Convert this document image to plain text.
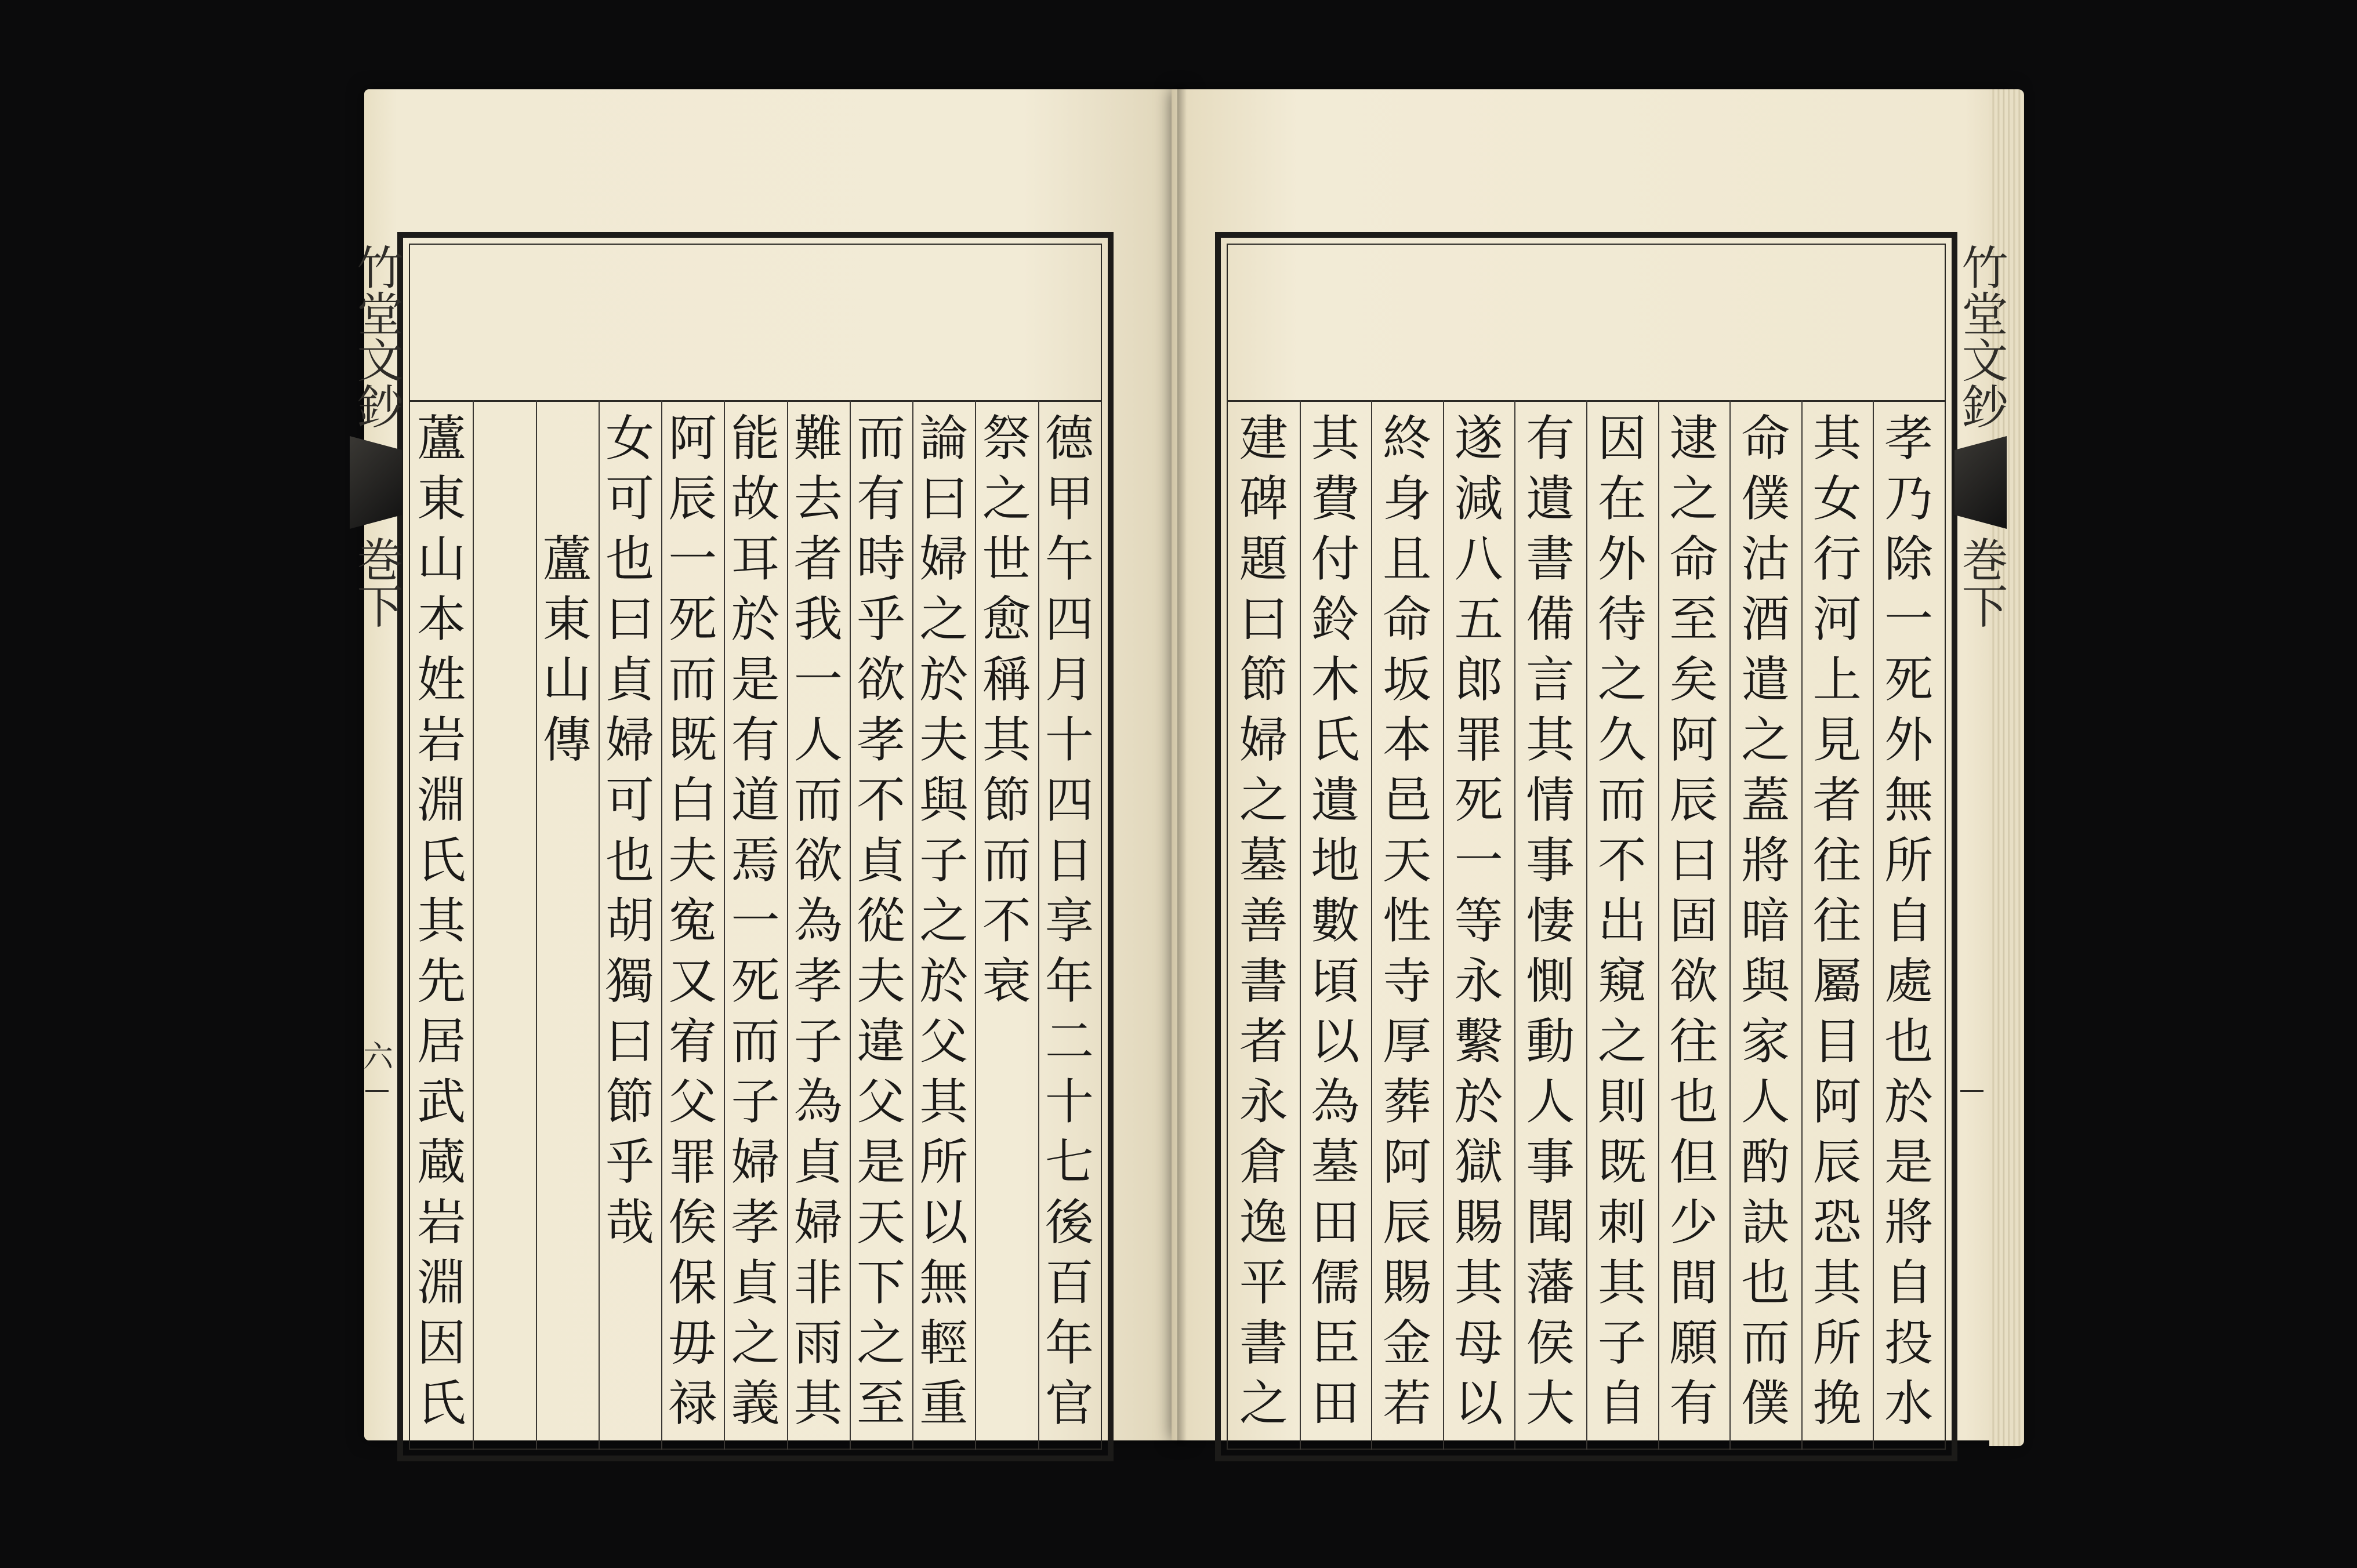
竹堂文鈔
巻下
六
竹堂文鈔
巻下
德
甲
午
四
月
十
四
日
享
年
二
十
七
後
百
年
官
祭
之
世
愈
稱
其
節
而
不
衰
論
曰
婦
之
於
夫
與
子
之
於
父
其
所
以
無
輕
重
而
有
時
乎
欲
孝
不
貞
從
夫
違
父
是
天
下
之
至
難
去
者
我
一
人
而
欲
為
孝
子
為
貞
婦
非
雨
其
能
故
耳
於
是
有
道
焉
一
死
而
子
婦
孝
貞
之
義
阿
辰
一
死
而
既
白
夫
寃
又
宥
父
罪
俟
保
毋
禄
女
可
也
曰
貞
婦
可
也
胡
獨
曰
節
乎
哉
蘆
東
山
傳
蘆
東
山
本
姓
岩
淵
氏
其
先
居
武
蔵
岩
淵
因
氏
孝
乃
除
一
死
外
無
所
自
處
也
於
是
將
自
投
水
其
女
行
河
上
見
者
往
往
屬
目
阿
辰
恐
其
所
挽
命
僕
沽
酒
遣
之
蓋
將
暗
與
家
人
酌
訣
也
而
僕
逮
之
命
至
矣
阿
辰
曰
固
欲
往
也
但
少
間
願
有
因
在
外
待
之
久
而
不
出
窺
之
則
既
刺
其
子
自
有
遺
書
備
言
其
情
事
悽
惻
動
人
事
聞
藩
侯
大
遂
減
八
五
郎
罪
死
一
等
永
繫
於
獄
賜
其
母
以
終
身
且
命
坂
本
邑
天
性
寺
厚
葬
阿
辰
賜
金
若
其
費
付
鈴
木
氏
遺
地
數
頃
以
為
墓
田
儒
臣
田
建
碑
題
曰
節
婦
之
墓
善
書
者
永
倉
逸
平
書
之
